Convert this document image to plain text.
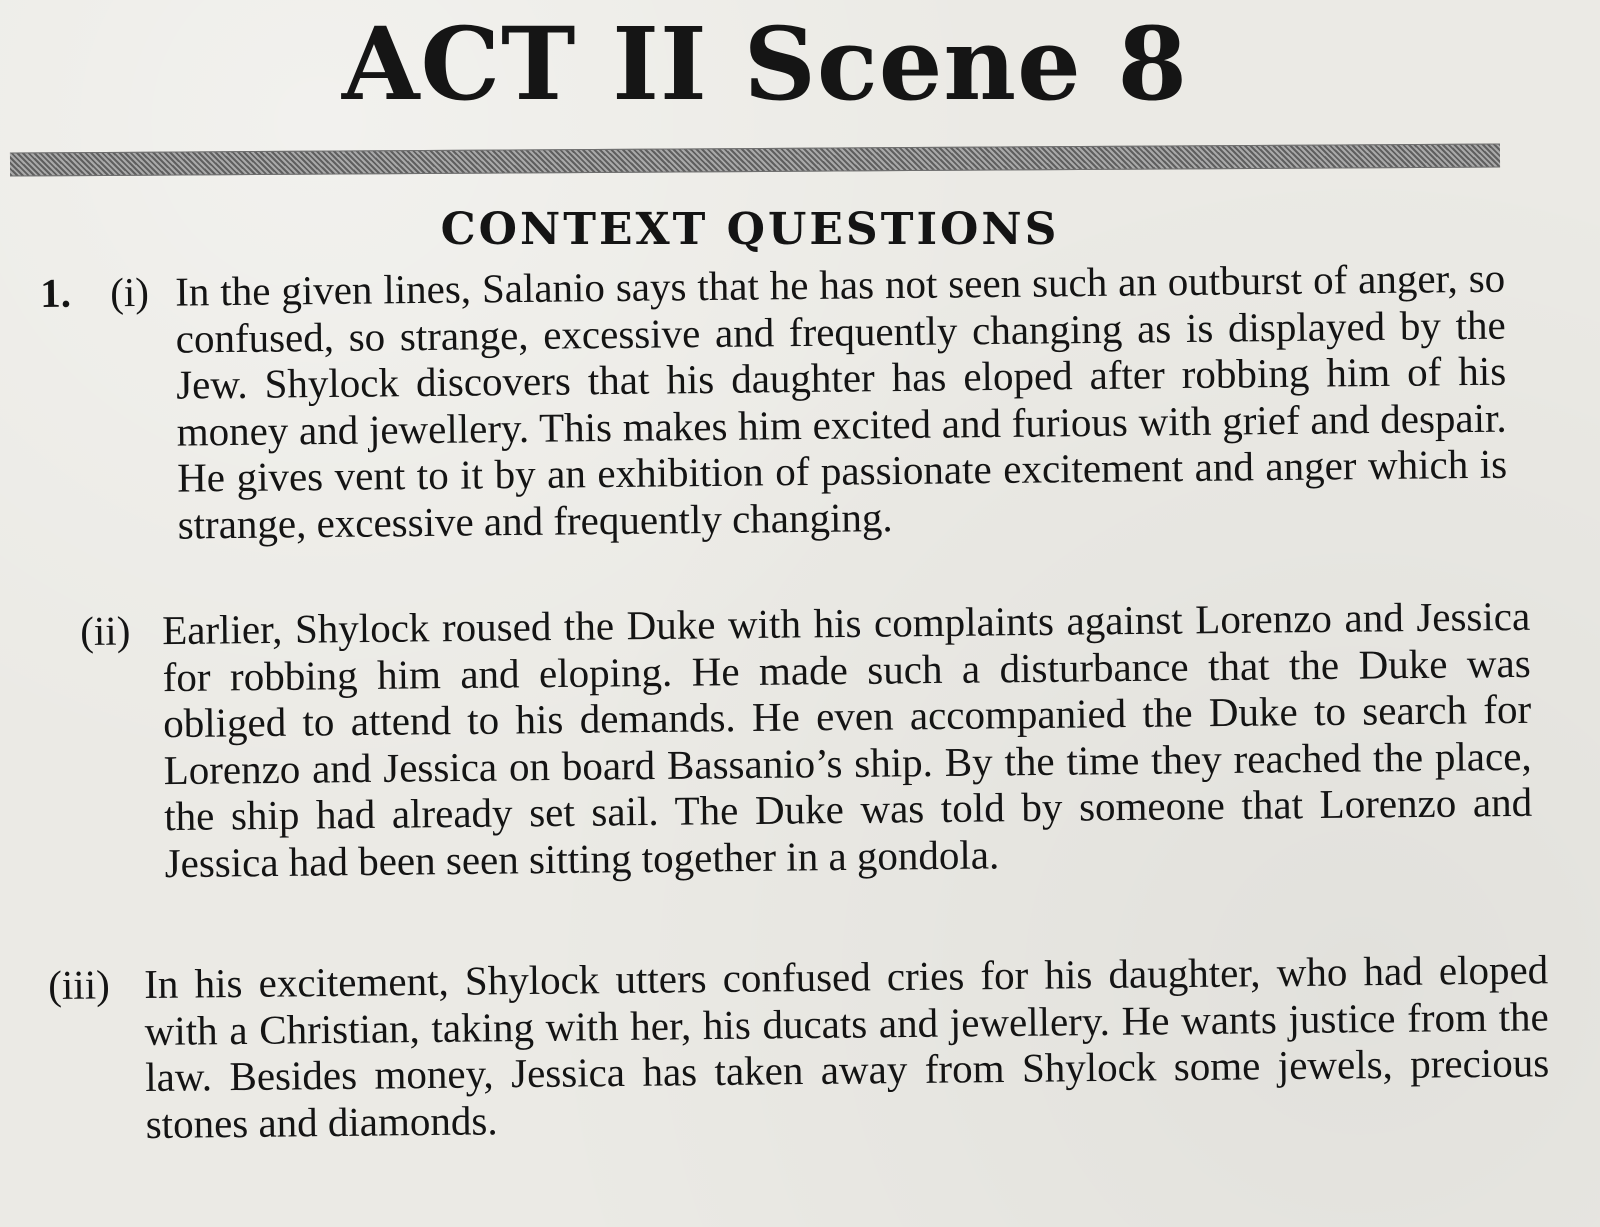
ACT II Scene 8
CONTEXT QUESTIONS
1. (i) In the given lines, Salanio says that he has not seen such an outburst of anger, so confused, so strange, excessive and frequently changing as is displayed by the Jew. Shylock discovers that his daughter has eloped after robbing him of his money and jewellery. This makes him excited and furious with grief and despair. He gives vent to it by an exhibition of passionate excitement and anger which is strange, excessive and frequently changing.
(ii) Earlier, Shylock roused the Duke with his complaints against Lorenzo and Jessica for robbing him and eloping. He made such a disturbance that the Duke was obliged to attend to his demands. He even accompanied the Duke to search for Lorenzo and Jessica on board Bassanio’s ship. By the time they reached the place, the ship had already set sail. The Duke was told by someone that Lorenzo and Jessica had been seen sitting together in a gondola.
(iii) In his excitement, Shylock utters confused cries for his daughter, who had eloped with a Christian, taking with her, his ducats and jewellery. He wants justice from the law. Besides money, Jessica has taken away from Shylock some jewels, precious stones and diamonds.
